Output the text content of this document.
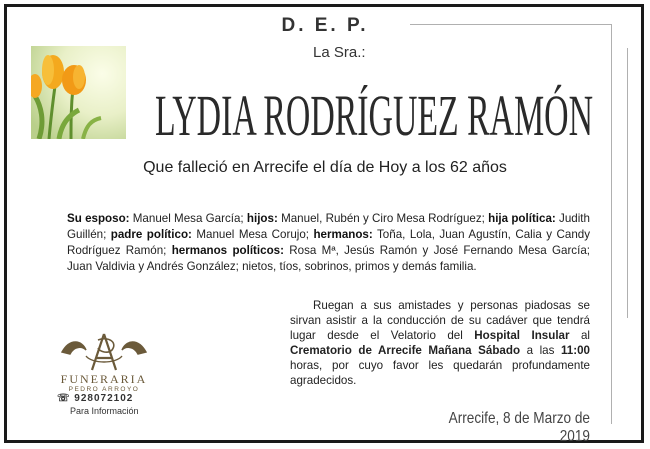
D. E. P.
La Sra.:
LYDIA RODRÍGUEZ RAMÓN
Que falleció en Arrecife el día de Hoy a los 62 años
Su esposo: Manuel Mesa García; hijos: Manuel, Rubén y Ciro Mesa Rodríguez; hija política: Judith Guillén; padre político: Manuel Mesa Corujo; hermanos: Toña, Lola, Juan Agustín, Calia y Candy Rodríguez Ramón; hermanos políticos: Rosa Mª, Jesús Ramón y José Fernando Mesa García; Juan Valdivia y Andrés González; nietos, tíos, sobrinos, primos y demás familia.

Ruegan a sus amistades y personas piadosas se sirvan asistir a la conducción de su cadáver que tendrá lugar desde el Velatorio del Hospital Insular al Crematorio de Arrecife Mañana Sábado a las 11:00 horas, por cuyo favor les quedarán profundamente agradecidos.

FUNERARIA
PEDRO ARROYO
☏ 928072102
Para Información	Arrecife, 8 de Marzo de 2019
